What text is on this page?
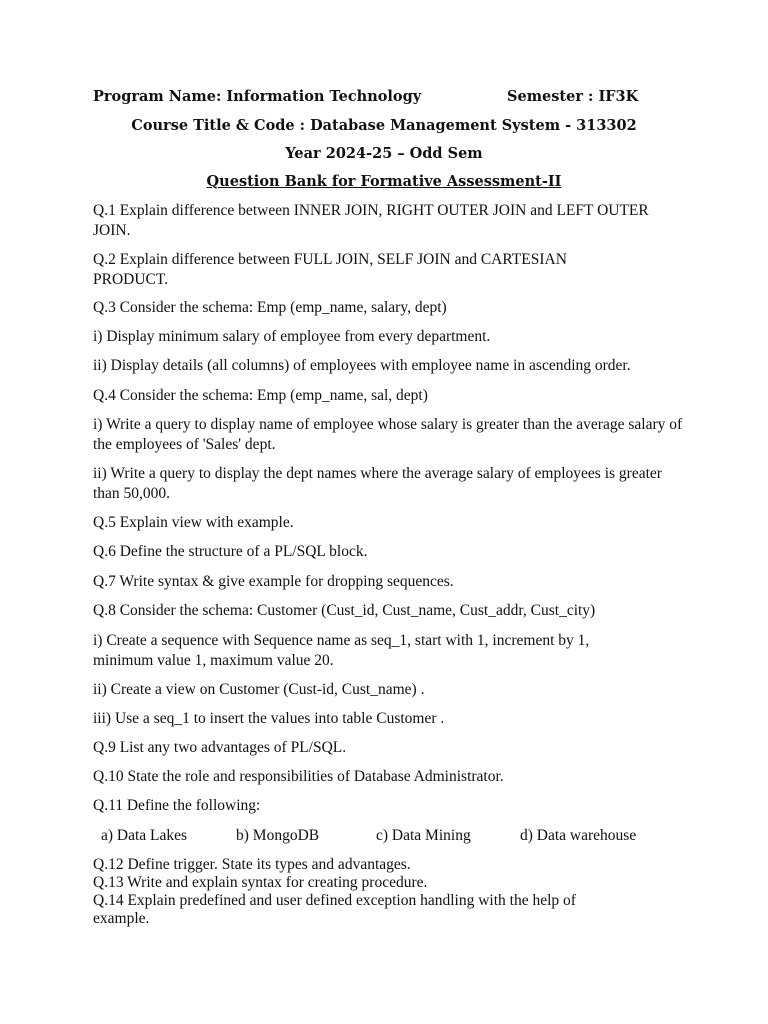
Program Name: Information Technology	Semester : IF3K
Course Title & Code : Database Management System - 313302
Year 2024-25 – Odd Sem
Question Bank for Formative Assessment-II
Q.1 Explain difference between INNER JOIN, RIGHT OUTER JOIN and LEFT OUTER JOIN.
Q.2 Explain difference between FULL JOIN, SELF JOIN and CARTESIAN PRODUCT.
Q.3 Consider the schema: Emp (emp_name, salary, dept)
i) Display minimum salary of employee from every department.
ii) Display details (all columns) of employees with employee name in ascending order.
Q.4 Consider the schema: Emp (emp_name, sal, dept)
i) Write a query to display name of employee whose salary is greater than the average salary of the employees of 'Sales' dept.
ii) Write a query to display the dept names where the average salary of employees is greater than 50,000.
Q.5 Explain view with example.
Q.6 Define the structure of a PL/SQL block.
Q.7 Write syntax & give example for dropping sequences.
Q.8 Consider the schema: Customer (Cust_id, Cust_name, Cust_addr, Cust_city)
i) Create a sequence with Sequence name as seq_1, start with 1, increment by 1, minimum value 1, maximum value 20.
ii) Create a view on Customer (Cust-id, Cust_name) .
iii) Use a seq_1 to insert the values into table Customer .
Q.9 List any two advantages of PL/SQL.
Q.10 State the role and responsibilities of Database Administrator.
Q.11 Define the following:
a) Data Lakes	b) MongoDB	c) Data Mining	d) Data warehouse
Q.12 Define trigger. State its types and advantages.
Q.13 Write and explain syntax for creating procedure.
Q.14 Explain predefined and user defined exception handling with the help of example.
